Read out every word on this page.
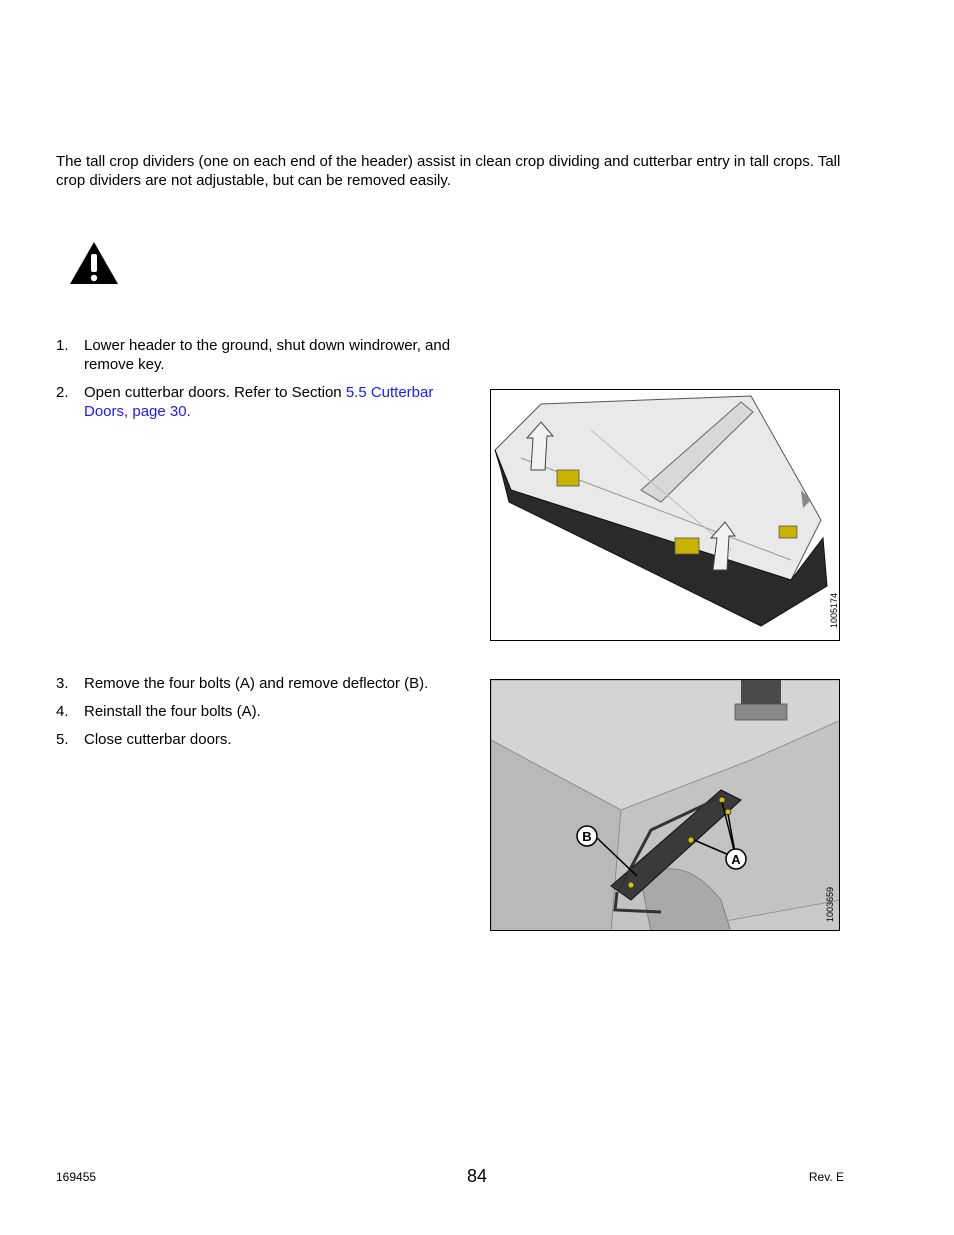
The tall crop dividers (one on each end of the header) assist in clean crop dividing and cutterbar entry in tall crops. Tall crop dividers are not adjustable, but can be removed easily.
1. Lower header to the ground, shut down windrower, and remove key.
2. Open cutterbar doors. Refer to Section 5.5 Cutterbar Doors, page 30.
1005174
3. Remove the four bolts (A) and remove deflector (B).
4. Reinstall the four bolts (A).
5. Close cutterbar doors.
A
B
1003659
169455	84	Rev. E
